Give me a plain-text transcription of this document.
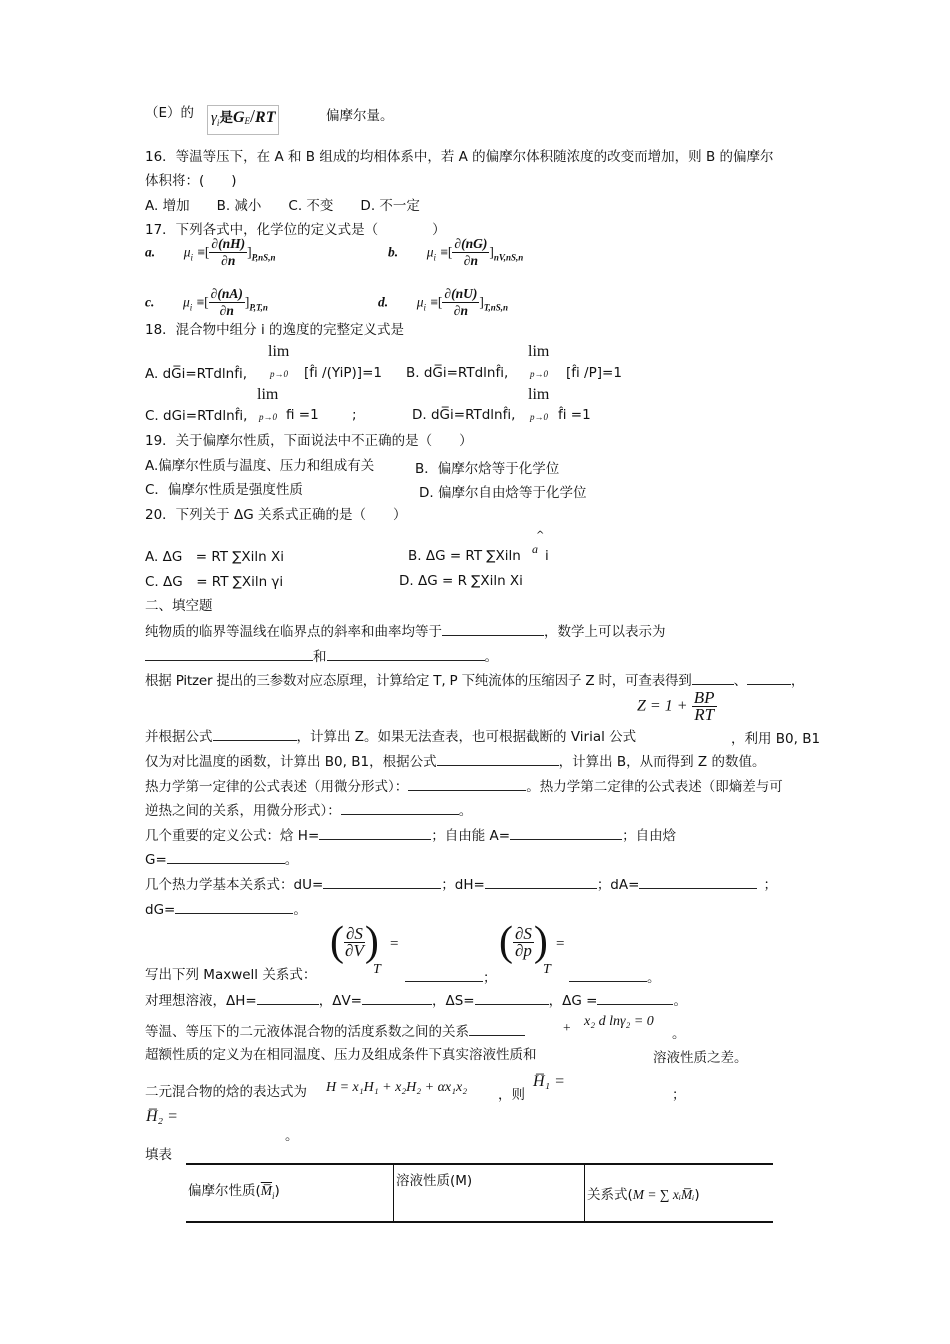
（E）的 $\gamma_i$是$G_E/RT$	偏摩尔量。
16．等温等压下，在 A 和 B 组成的均相体系中，若 A 的偏摩尔体积随浓度的改变而增加，则 B 的偏摩尔
体积将：(　　)
A. 增加　　B. 减小　　C. 不变　　D. 不一定
17．下列各式中，化学位的定义式是（　　　　）
a. $\mu_i$ ≡[ $\frac{\partial(nH)}{\partial n} ]_{P,nS,n}$	b. $\mu_i$ ≡[ $\frac{\partial(nG)}{\partial n} ]_{nV,nS,n}$
c. $\mu_i$ ≡[ $\frac{\partial(nA)}{\partial n} ]_{P,T,n}$	d. $\mu_i$ ≡[ $\frac{\partial(nU)}{\partial n} ]_{T,nS,n}$
18．混合物中组分 i 的逸度的完整定义式是
lim
p→0
lim
p→0
A. dG̅i=RTdlnf̂i,	[f̂i /(YiP)]=1 B. dG̅i=RTdlnf̂i,	[f̂i /P]=1
lim
p→0
lim
p→0
C. dGi=RTdlnf̂i,	fi =1 ;	D. dG̅i=RTdlnf̂i,	f̂i =1
19．关于偏摩尔性质，下面说法中不正确的是（　　）
A.偏摩尔性质与温度、压力和组成有关	B．偏摩尔焓等于化学位
C．偏摩尔性质是强度性质	D. 偏摩尔自由焓等于化学位
20．下列关于 ΔG 关系式正确的是（　　）
A. ΔG　= RT ∑Xiln Xi	B. ΔG = RT ∑Xiln
^
a i
C. ΔG　= RT ∑Xiln γi	D. ΔG = R ∑Xiln Xi
二、填空题
纯物质的临界等温线在临界点的斜率和曲率均等于	，数学上可以表示为
和	。
根据 Pitzer 提出的三参数对应态原理，计算给定 T, P 下纯流体的压缩因子 Z 时，可查表得到	、	，
$Z = 1 + \frac{BP}{RT}$
并根据公式	，计算出 Z。如果无法查表，也可根据截断的 Virial 公式	，利用 B0, B1
仅为对比温度的函数，计算出 B0, B1，根据公式	，计算出 B，从而得到 Z 的数值。
热力学第一定律的公式表述（用微分形式）：	。热力学第二定律的公式表述（即熵差与可
逆热之间的关系，用微分形式）：	。
几个重要的定义公式：焓 H=	；自由能 A=	；自由焓
G=	。
几个热力学基本关系式：dU=	；dH=	；dA=	；
dG=	。
写出下列 Maxwell 关系式：
( $\frac{\partial S}{\partial V}$ )
T
=
；
( $\frac{\partial S}{\partial p}$ )
T
=
。
对理想溶液，ΔH=	，ΔV=	，ΔS=	，ΔG =	。
等温、等压下的二元液体混合物的活度系数之间的关系	+ x₂ d lnγ₂ = 0
。
超额性质的定义为在相同温度、压力及组成条件下真实溶液性质和	溶液性质之差。
二元混合物的焓的表达式为 H = x₁H₁ + x₂H₂ + αx₁x₂ ，则
H̅₁ =
；
H̅₂ =
。
填表
偏摩尔性质$(M̅_i)$	溶液性质(M)	关系式(M = ∑ xᵢM̅ᵢ)
